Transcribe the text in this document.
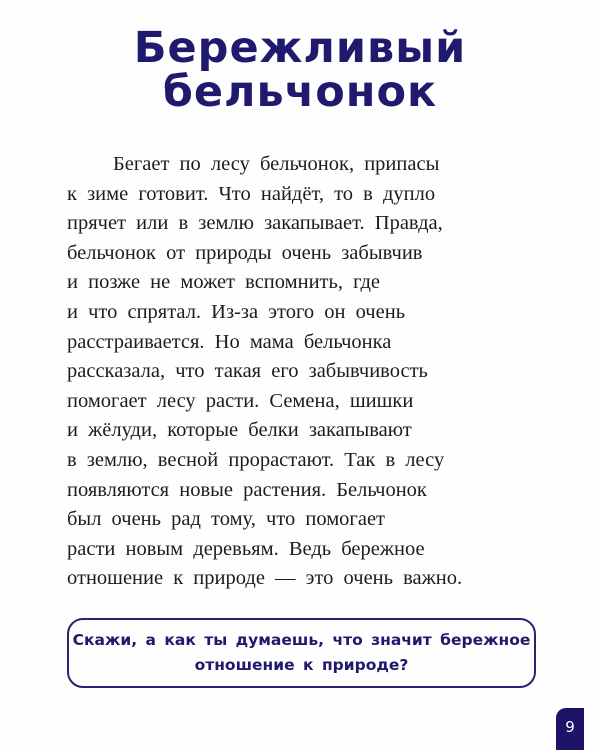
Бережливый
бельчонок
Бегает по лесу бельчонок, припасы
к зиме готовит. Что найдёт, то в дупло
прячет или в землю закапывает. Правда,
бельчонок от природы очень забывчив
и позже не может вспомнить, где
и что спрятал. Из-за этого он очень
расстраивается. Но мама бельчонка
рассказала, что такая его забывчивость
помогает лесу расти. Семена, шишки
и жёлуди, которые белки закапывают
в землю, весной прорастают. Так в лесу
появляются новые растения. Бельчонок
был очень рад тому, что помогает
расти новым деревьям. Ведь бережное
отношение к природе — это очень важно.
Скажи, а как ты думаешь, что значит бережное
отношение к природе?
9
